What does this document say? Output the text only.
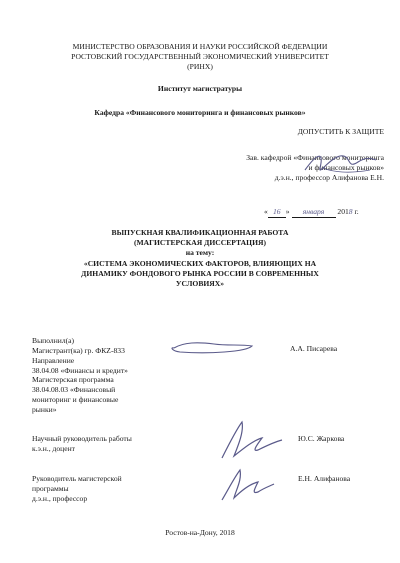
МИНИСТЕРСТВО ОБРАЗОВАНИЯ И НАУКИ РОССИЙСКОЙ ФЕДЕРАЦИИ
РОСТОВСКИЙ ГОСУДАРСТВЕННЫЙ ЭКОНОМИЧЕСКИЙ УНИВЕРСИТЕТ
(РИНХ)
Институт магистратуры
Кафедра «Финансового мониторинга и финансовых рынков»
ДОПУСТИТЬ К ЗАЩИТЕ
Зав. кафедрой «Финансового мониторинга
и финансовых рынков»
д.э.н., профессор Алифанова Е.Н.
« 16 » января 2018 г.
ВЫПУСКНАЯ КВАЛИФИКАЦИОННАЯ РАБОТА
(МАГИСТЕРСКАЯ ДИССЕРТАЦИЯ)
на тему:
«СИСТЕМА ЭКОНОМИЧЕСКИХ ФАКТОРОВ, ВЛИЯЮЩИХ НА
ДИНАМИКУ ФОНДОВОГО РЫНКА РОССИИ В СОВРЕМЕННЫХ
УСЛОВИЯХ»
Выполнил(а)
Магистрант(ка) гр. ФКZ-833
Направление
38.04.08 «Финансы и кредит»
Магистерская программа
38.04.08.03 «Финансовый
мониторинг и финансовые
рынки»
А.А. Писарева
Научный руководитель работы
к.э.н., доцент
Ю.С. Жаркова
Руководитель магистерской
программы
д.э.н., профессор
Е.Н. Алифанова
Ростов-на-Дону, 2018
